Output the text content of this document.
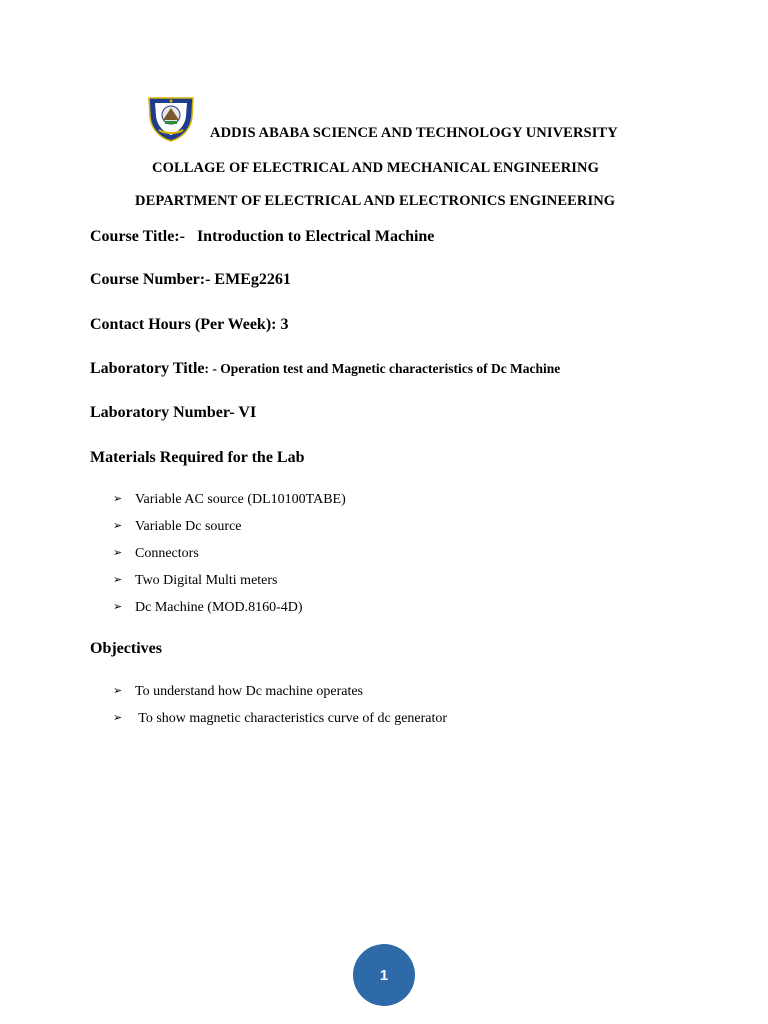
ADDIS ABABA SCIENCE AND TECHNOLOGY UNIVERSITY
COLLAGE OF ELECTRICAL AND MECHANICAL ENGINEERING
DEPARTMENT OF ELECTRICAL AND ELECTRONICS ENGINEERING
Course Title:- Introduction to Electrical Machine
Course Number:- EMEg2261
Contact Hours (Per Week): 3
Laboratory Title: - Operation test and Magnetic characteristics of Dc Machine
Laboratory Number- VI
Materials Required for the Lab
➢ Variable AC source (DL10100TABE)
➢ Variable Dc source
➢ Connectors
➢ Two Digital Multi meters
➢ Dc Machine (MOD.8160-4D)
Objectives
➢ To understand how Dc machine operates
➢ To show magnetic characteristics curve of dc generator
1
